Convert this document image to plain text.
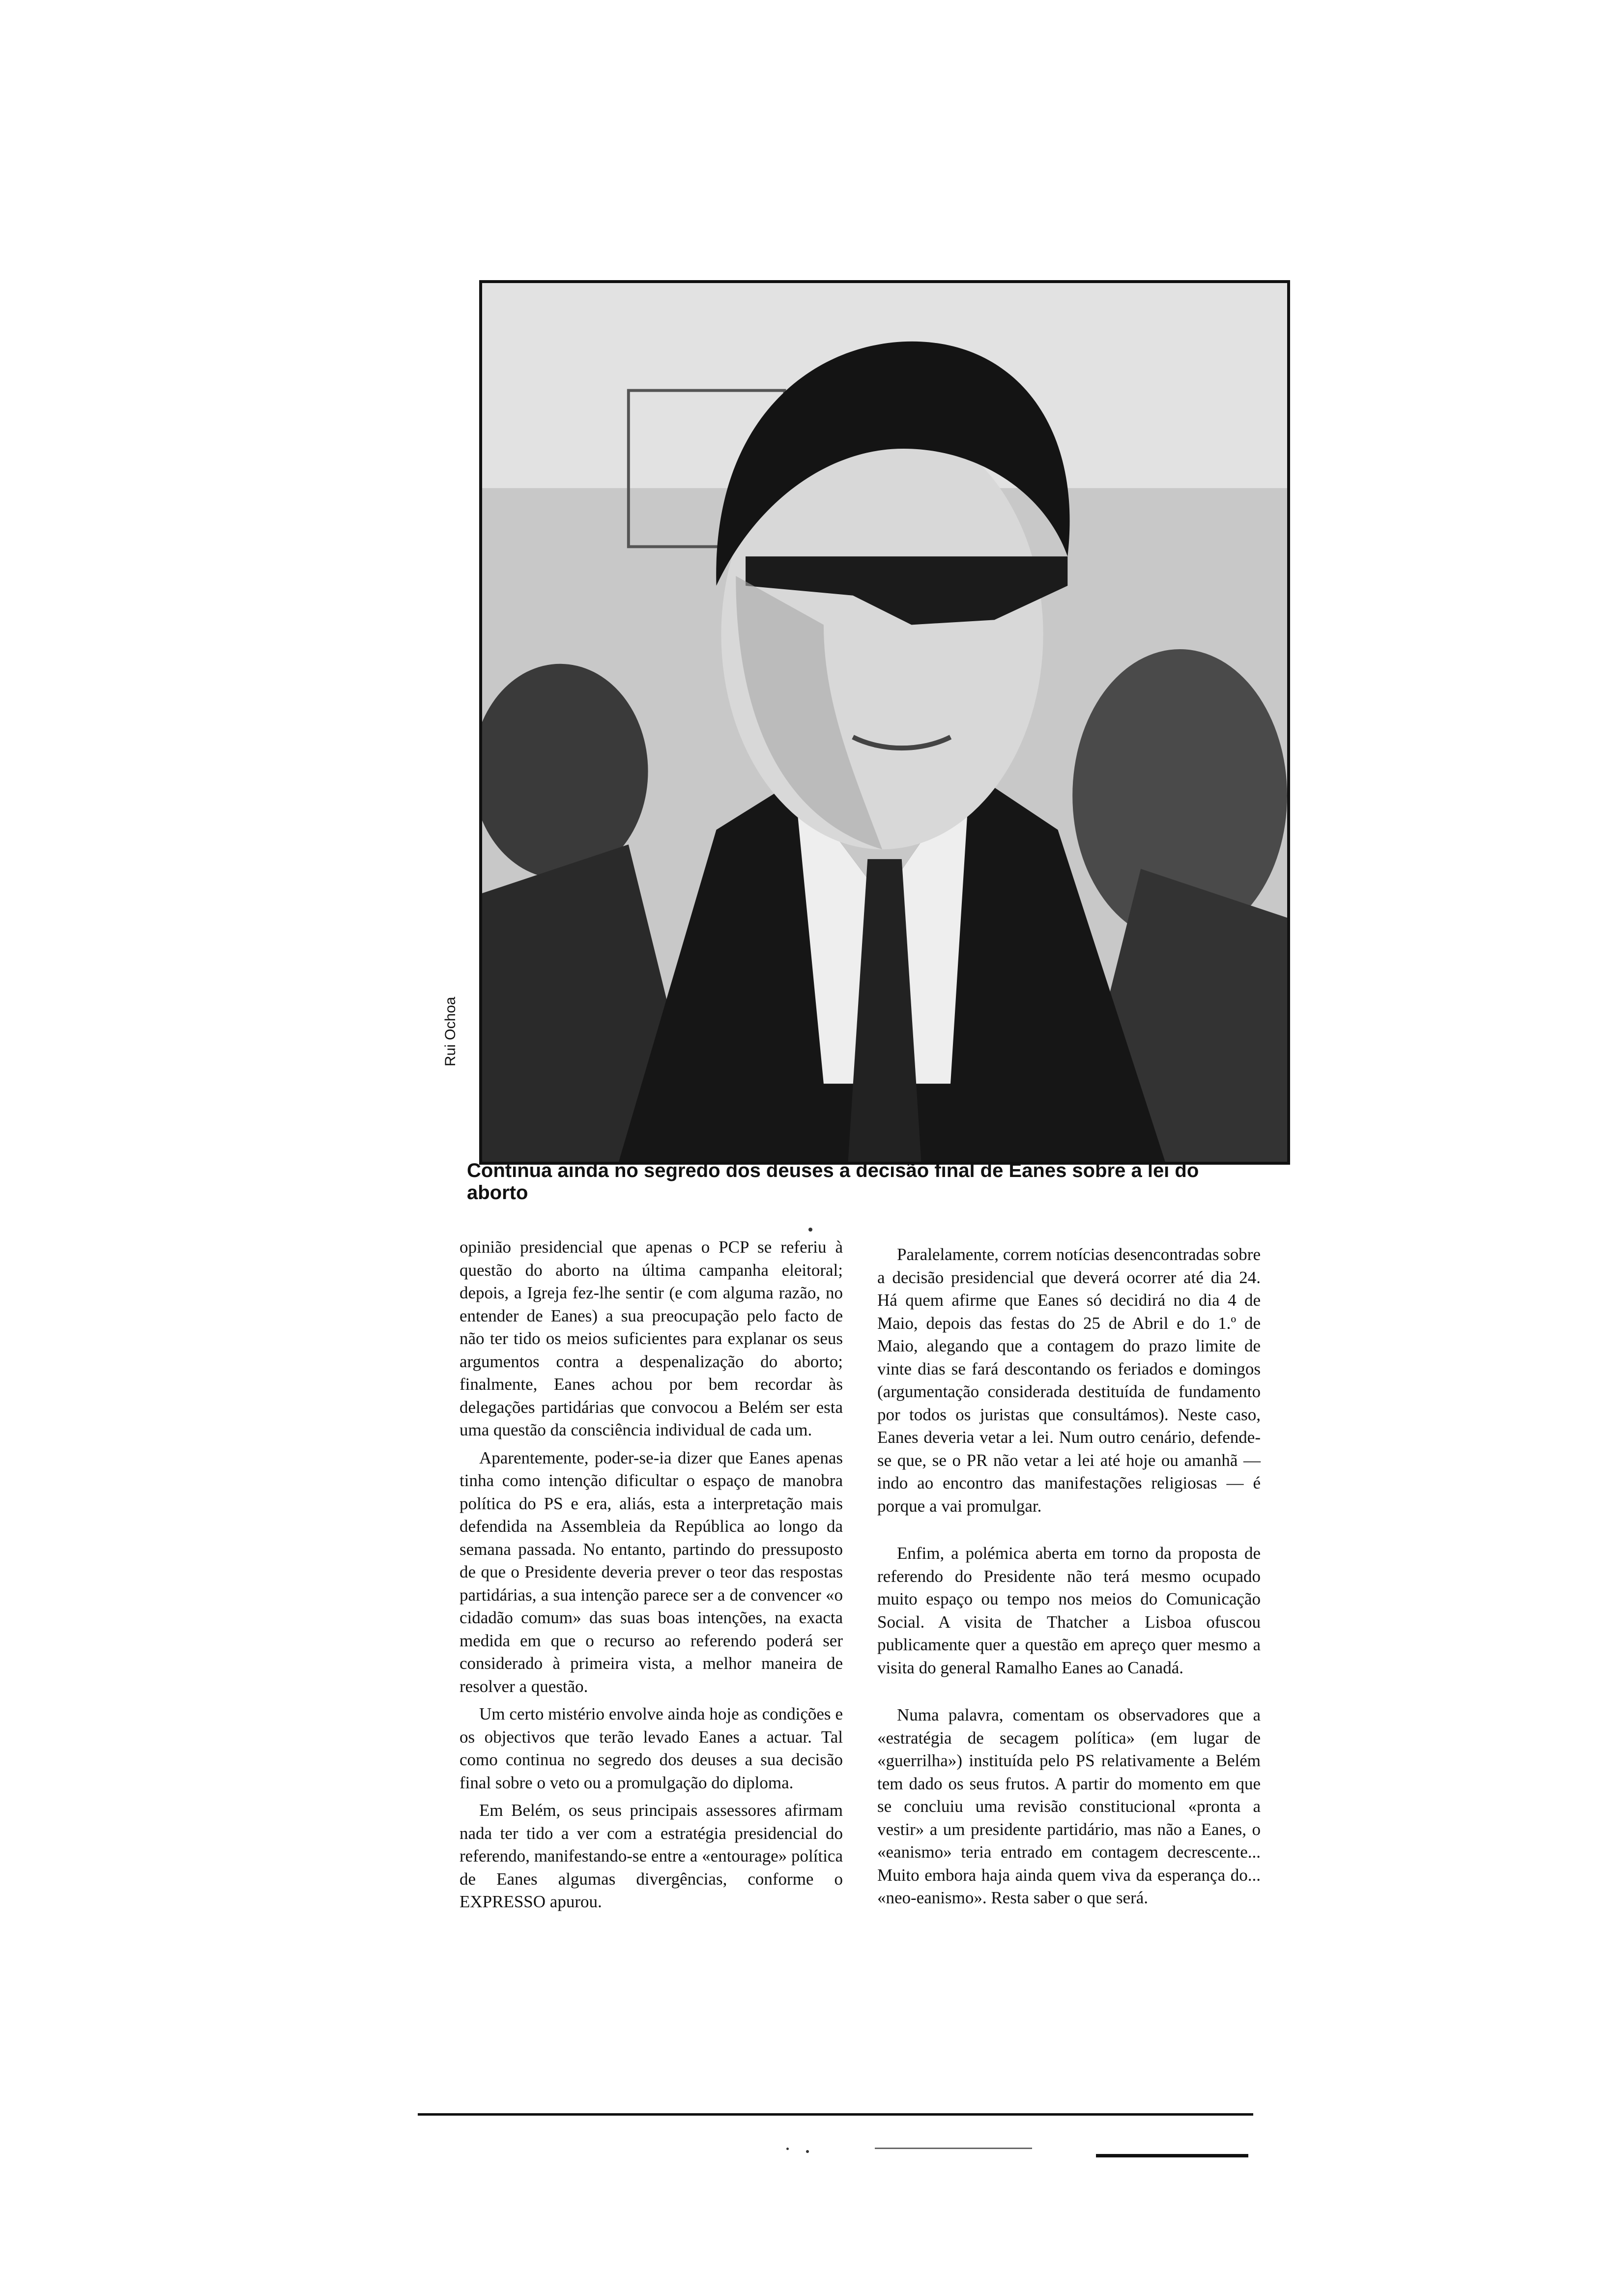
Rui Ochoa
Continua ainda no segredo dos deuses a decisão final de Eanes sobre a lei do aborto

opinião presidencial que apenas o PCP se referiu à questão do aborto na última campanha eleitoral; depois, a Igreja fez-lhe sentir (e com alguma razão, no entender de Eanes) a sua preocupação pelo facto de não ter tido os meios suficientes para explanar os seus argumentos contra a despenalização do aborto; finalmente, Eanes achou por bem recordar às delegações partidárias que convocou a Belém ser esta uma questão da consciência individual de cada um.

Aparentemente, poder-se-ia dizer que Eanes apenas tinha como intenção dificultar o espaço de manobra política do PS e era, aliás, esta a interpretação mais defendida na Assembleia da República ao longo da semana passada. No entanto, partindo do pressuposto de que o Presidente deveria prever o teor das respostas partidárias, a sua intenção parece ser a de convencer «o cidadão comum» das suas boas intenções, na exacta medida em que o recurso ao referendo poderá ser considerado à primeira vista, a melhor maneira de resolver a questão.

Um certo mistério envolve ainda hoje as condições e os objectivos que terão levado Eanes a actuar. Tal como continua no segredo dos deuses a sua decisão final sobre o veto ou a promulgação do diploma.

Em Belém, os seus principais assessores afirmam nada ter tido a ver com a estratégia presidencial do referendo, manifestando-se entre a «entourage» política de Eanes algumas divergências, conforme o EXPRESSO apurou.

Paralelamente, correm notícias desencontradas sobre a decisão presidencial que deverá ocorrer até dia 24. Há quem afirme que Eanes só decidirá no dia 4 de Maio, depois das festas do 25 de Abril e do 1.º de Maio, alegando que a contagem do prazo limite de vinte dias se fará descontando os feriados e domingos (argumentação considerada destituída de fundamento por todos os juristas que consultámos). Neste caso, Eanes deveria vetar a lei. Num outro cenário, defende-se que, se o PR não vetar a lei até hoje ou amanhã — indo ao encontro das manifestações religiosas — é porque a vai promulgar.

Enfim, a polémica aberta em torno da proposta de referendo do Presidente não terá mesmo ocupado muito espaço ou tempo nos meios do Comunicação Social. A visita de Thatcher a Lisboa ofuscou publicamente quer a questão em apreço quer mesmo a visita do general Ramalho Eanes ao Canadá.

Numa palavra, comentam os observadores que a «estratégia de secagem política» (em lugar de «guerrilha») instituída pelo PS relativamente a Belém tem dado os seus frutos. A partir do momento em que se concluiu uma revisão constitucional «pronta a vestir» a um presidente partidário, mas não a Eanes, o «eanismo» teria entrado em contagem decrescente... Muito embora haja ainda quem viva da esperança do... «neo-eanismo». Resta saber o que será.
